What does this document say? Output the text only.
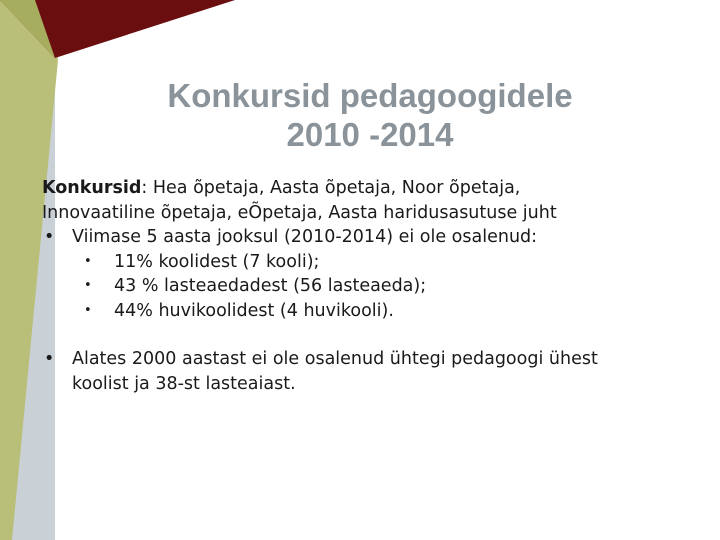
Konkursid pedagoogidele
2010 -2014
Konkursid: Hea õpetaja, Aasta õpetaja, Noor õpetaja,
Innovaatiline õpetaja, eÕpetaja, Aasta haridusasutuse juht
•	Viimase 5 aasta jooksul (2010-2014) ei ole osalenud:
•	11% koolidest (7 kooli);
•	43 % lasteaedadest (56 lasteaeda);
•	44% huvikoolidest (4 huvikooli).
•	Alates 2000 aastast ei ole osalenud ühtegi pedagoogi ühest
koolist ja 38-st lasteaiast.
